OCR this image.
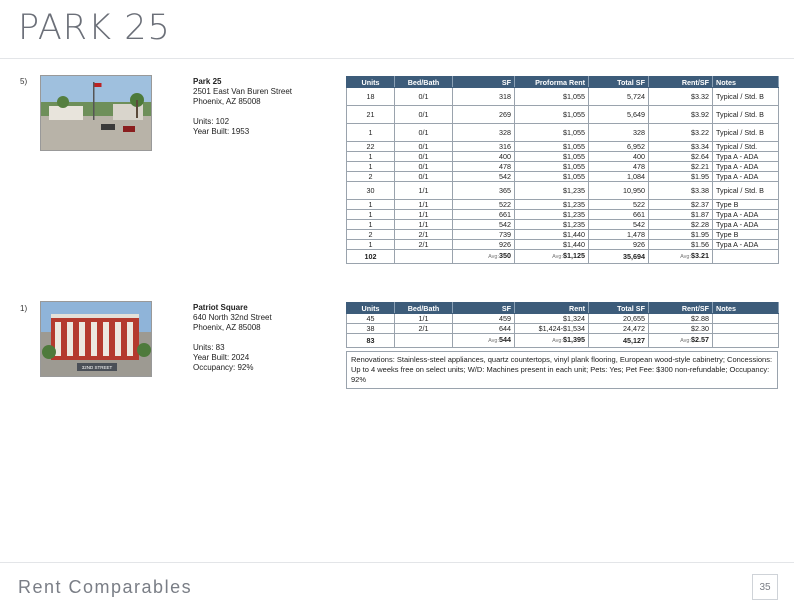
PARK 25
5)	Park 25
2501 East Van Buren Street
Phoenix, AZ 85008
Units: 102
Year Built: 1953
Units	Bed/Bath	SF	Proforma Rent	Total SF	Rent/SF	Notes
18	0/1	318	$1,055	5,724	$3.32	Typical / Std. B
21	0/1	269	$1,055	5,649	$3.92	Typical / Std. B
1	0/1	328	$1,055	328	$3.22	Typical / Std. B
22	0/1	316	$1,055	6,952	$3.34	Typical / Std.
1	0/1	400	$1,055	400	$2.64	Typa A - ADA
1	0/1	478	$1,055	478	$2.21	Typa A - ADA
2	0/1	542	$1,055	1,084	$1.95	Typa A - ADA
30	1/1	365	$1,235	10,950	$3.38	Typical / Std. B
1	1/1	522	$1,235	522	$2.37	Type B
1	1/1	661	$1,235	661	$1.87	Typa A - ADA
1	1/1	542	$1,235	542	$2.28	Typa A - ADA
2	2/1	739	$1,440	1,478	$1.95	Type B
1	2/1	926	$1,440	926	$1.56	Typa A - ADA
102		Avg:350	Avg:$1,125	35,694	Avg:$3.21	
1)
32ND STREET
Patriot Square
640 North 32nd Street
Phoenix, AZ 85008
Units: 83
Year Built: 2024
Occupancy: 92%
Units	Bed/Bath	SF	Rent	Total SF	Rent/SF	Notes
45	1/1	459	$1,324	20,655	$2.88	
38	2/1	644	$1,424-$1,534	24,472	$2.30	
83		Avg:544	Avg:$1,395	45,127	Avg:$2.57	
Renovations: Stainless-steel appliances, quartz countertops, vinyl plank flooring, European wood-style cabinetry; Concessions: Up to 4 weeks free on select units; W/D: Machines present in each unit; Pets: Yes; Pet Fee: $300 non-refundable; Occupancy: 92%
Rent Comparables	35
